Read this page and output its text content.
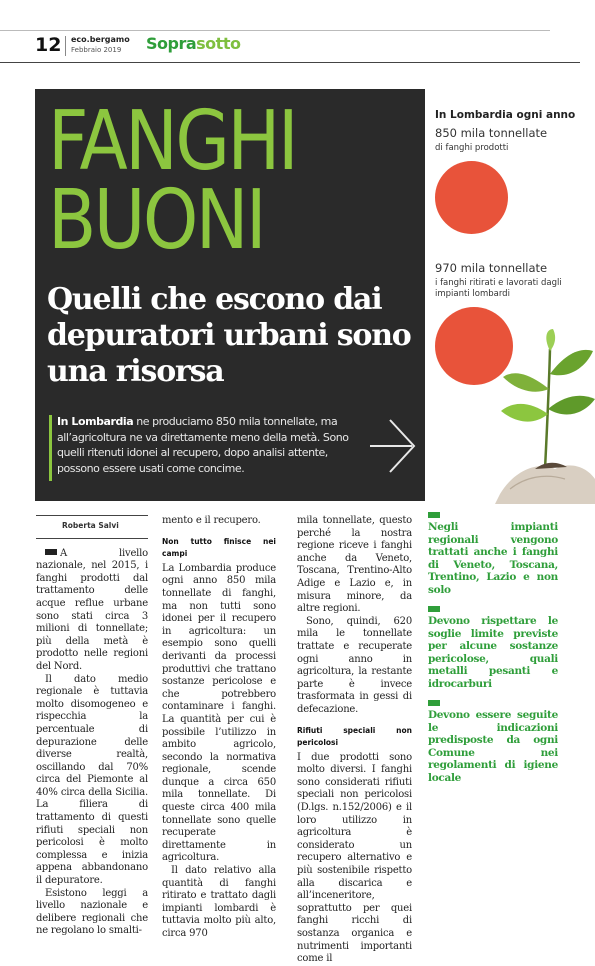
12 eco.bergamo
Febbraio 2019 Soprasotto
FANGHI
BUONI
Quelli che escono dai depuratori urbani sono una risorsa
In Lombardia ne produciamo 850 mila tonnellate, ma all’agricoltura ne va direttamente meno della metà. Sono quelli ritenuti idonei al recupero, dopo analisi attente, possono essere usati come concime.
In Lombardia ogni anno
850 mila tonnellate
di fanghi prodotti
970 mila tonnellate
i fanghi ritirati e lavorati dagli impianti lombardi
Roberta Salvi

A livello nazionale, nel 2015, i fanghi prodotti dal trattamento delle acque reflue urbane sono stati circa 3 milioni di tonnellate; più della metà è prodotto nelle regioni del Nord.

Il dato medio regionale è tuttavia molto disomogeneo e rispecchia la percentuale di depurazione delle diverse realtà, oscillando dal 70% circa del Piemonte al 40% circa della Sicilia. La filiera di trattamento di questi rifiuti speciali non pericolosi è molto complessa e inizia appena abbandonano il depuratore.

Esistono leggi a livello nazionale e delibere regionali che ne regolano lo smalti-

mento e il recupero.

Non tutto finisce nei campi

La Lombardia produce ogni anno 850 mila tonnellate di fanghi, ma non tutti sono idonei per il recupero in agricoltura: un esempio sono quelli derivanti da processi produttivi che trattano sostanze pericolose e che potrebbero contaminare i fanghi. La quantità per cui è possibile l’utilizzo in ambito agricolo, secondo la normativa regionale, scende dunque a circa 650 mila tonnellate. Di queste circa 400 mila tonnellate sono quelle recuperate direttamente in agricoltura.

Il dato relativo alla quantità di fanghi ritirato e trattato dagli impianti lombardi è tuttavia molto più alto, circa 970

mila tonnellate, questo perché la nostra regione riceve i fanghi anche da Veneto, Toscana, Trentino-Alto Adige e Lazio e, in misura minore, da altre regioni.

Sono, quindi, 620 mila le tonnellate trattate e recuperate ogni anno in agricoltura, la restante parte è invece trasformata in gessi di defecazione.

Rifiuti speciali non pericolosi

I due prodotti sono molto diversi. I fanghi sono considerati rifiuti speciali non pericolosi (D.lgs. n.152/2006) e il loro utilizzo in agricoltura è considerato un recupero alternativo e più sostenibile rispetto alla discarica e all’inceneritore, soprattutto per quei fanghi ricchi di sostanza organica e nutrimenti importanti come il

Negli impianti regionali vengono trattati anche i fanghi di Veneto, Toscana, Trentino, Lazio e non solo
Devono rispettare le soglie limite previste per alcune sostanze pericolose, quali metalli pesanti e idrocarburi
Devono essere seguite le indicazioni predisposte da ogni Comune nei regolamenti di igiene locale
